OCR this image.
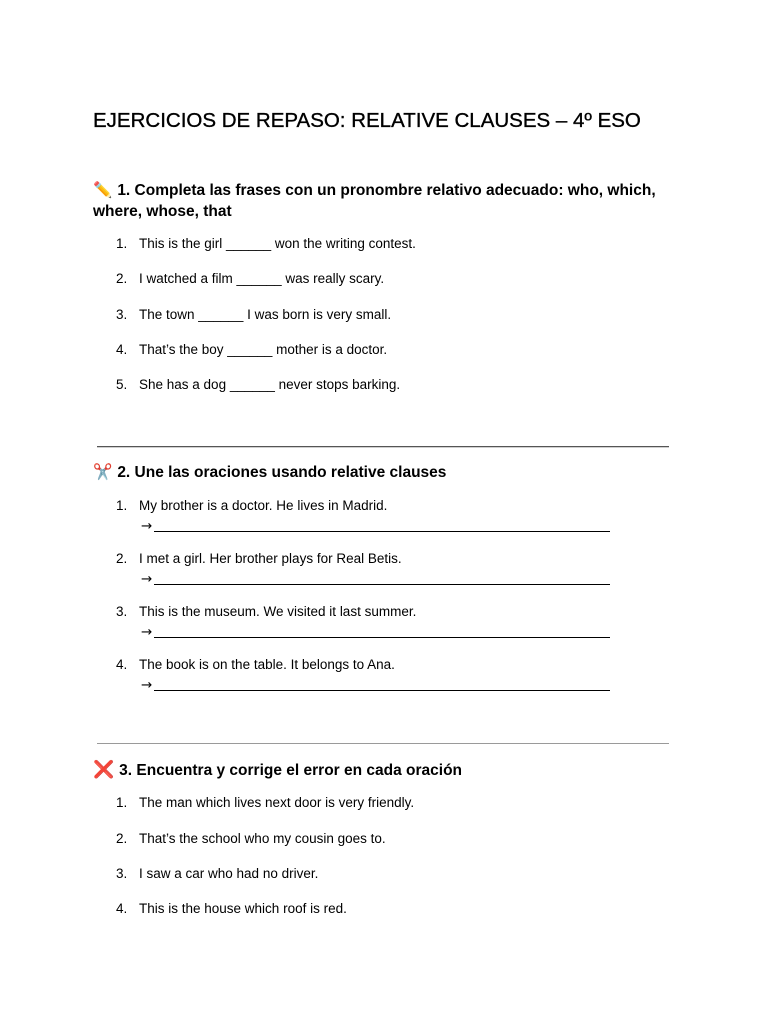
EJERCICIOS DE REPASO: RELATIVE CLAUSES – 4º ESO
✏️ 1. Completa las frases con un pronombre relativo adecuado: who, which, where, whose, that
1. This is the girl ______ won the writing contest.
2. I watched a film ______ was really scary.
3. The town ______ I was born is very small.
4. That’s the boy ______ mother is a doctor.
5. She has a dog ______ never stops barking.
✂️ 2. Une las oraciones usando relative clauses
1. My brother is a doctor. He lives in Madrid.
→
2. I met a girl. Her brother plays for Real Betis.
→
3. This is the museum. We visited it last summer.
→
4. The book is on the table. It belongs to Ana.
→
❌ 3. Encuentra y corrige el error en cada oración
1. The man which lives next door is very friendly.
2. That’s the school who my cousin goes to.
3. I saw a car who had no driver.
4. This is the house which roof is red.
